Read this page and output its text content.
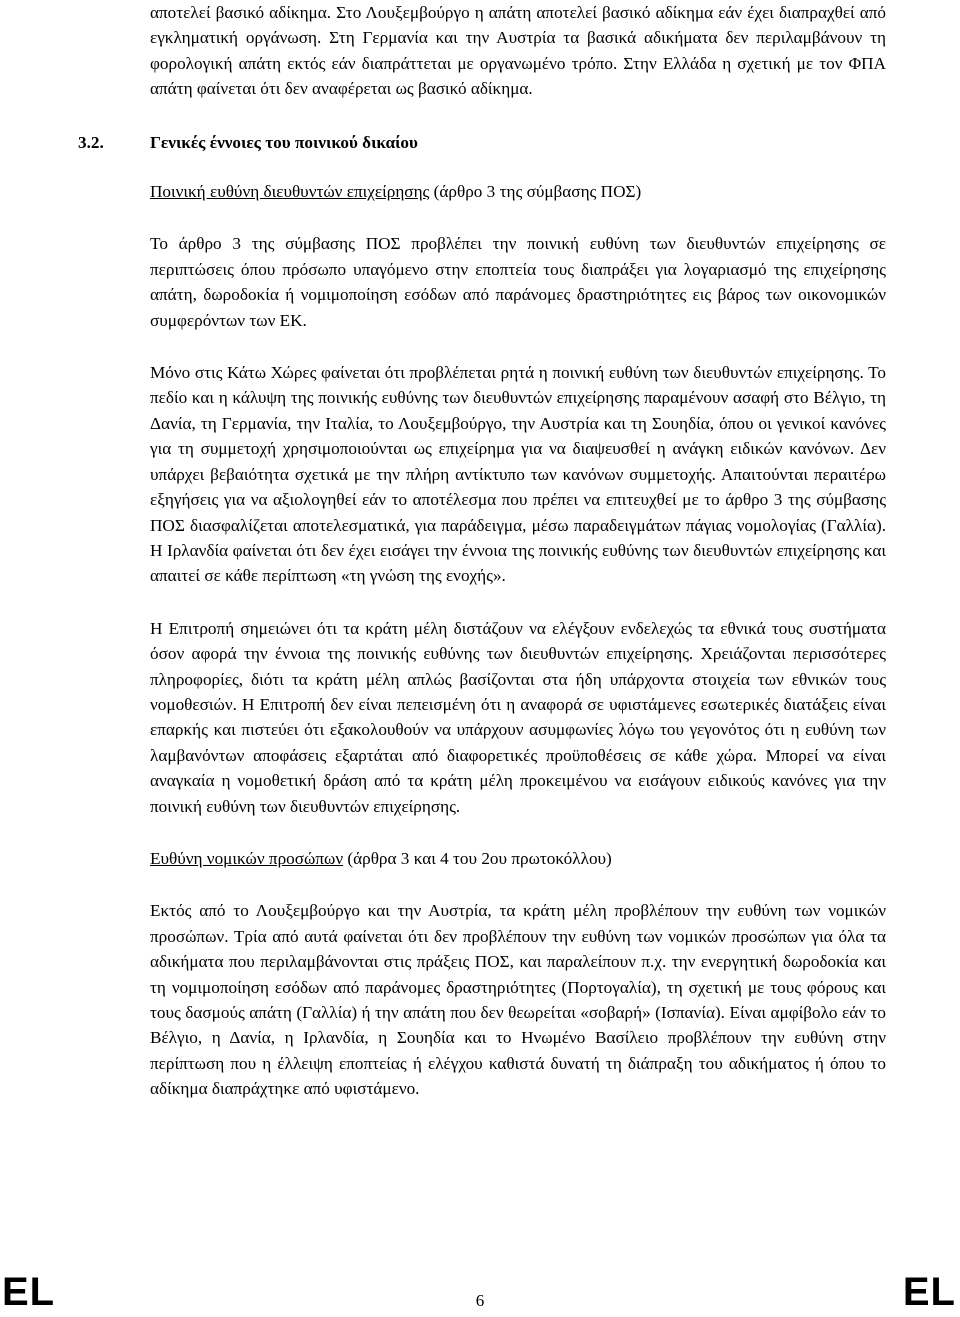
αποτελεί βασικό αδίκημα. Στο Λουξεμβούργο η απάτη αποτελεί βασικό αδίκημα εάν έχει διαπραχθεί από εγκληματική οργάνωση. Στη Γερμανία και την Αυστρία τα βασικά αδικήματα δεν περιλαμβάνουν τη φορολογική απάτη εκτός εάν διαπράττεται με οργανωμένο τρόπο. Στην Ελλάδα η σχετική με τον ΦΠΑ απάτη φαίνεται ότι δεν αναφέρεται ως βασικό αδίκημα.

3.2.	Γενικές έννοιες του ποινικού δικαίου

Ποινική ευθύνη διευθυντών επιχείρησης (άρθρο 3 της σύμβασης ΠΟΣ)

Το άρθρο 3 της σύμβασης ΠΟΣ προβλέπει την ποινική ευθύνη των διευθυντών επιχείρησης σε περιπτώσεις όπου πρόσωπο υπαγόμενο στην εποπτεία τους διαπράξει για λογαριασμό της επιχείρησης απάτη, δωροδοκία ή νομιμοποίηση εσόδων από παράνομες δραστηριότητες εις βάρος των οικονομικών συμφερόντων των ΕΚ.

Μόνο στις Κάτω Χώρες φαίνεται ότι προβλέπεται ρητά η ποινική ευθύνη των διευθυντών επιχείρησης. Το πεδίο και η κάλυψη της ποινικής ευθύνης των διευθυντών επιχείρησης παραμένουν ασαφή στο Βέλγιο, τη Δανία, τη Γερμανία, την Ιταλία, το Λουξεμβούργο, την Αυστρία και τη Σουηδία, όπου οι γενικοί κανόνες για τη συμμετοχή χρησιμοποιούνται ως επιχείρημα για να διαψευσθεί η ανάγκη ειδικών κανόνων. Δεν υπάρχει βεβαιότητα σχετικά με την πλήρη αντίκτυπο των κανόνων συμμετοχής. Απαιτούνται περαιτέρω εξηγήσεις για να αξιολογηθεί εάν το αποτέλεσμα που πρέπει να επιτευχθεί με το άρθρο 3 της σύμβασης ΠΟΣ διασφαλίζεται αποτελεσματικά, για παράδειγμα, μέσω παραδειγμάτων πάγιας νομολογίας (Γαλλία). Η Ιρλανδία φαίνεται ότι δεν έχει εισάγει την έννοια της ποινικής ευθύνης των διευθυντών επιχείρησης και απαιτεί σε κάθε περίπτωση «τη γνώση της ενοχής».

Η Επιτροπή σημειώνει ότι τα κράτη μέλη διστάζουν να ελέγξουν ενδελεχώς τα εθνικά τους συστήματα όσον αφορά την έννοια της ποινικής ευθύνης των διευθυντών επιχείρησης. Χρειάζονται περισσότερες πληροφορίες, διότι τα κράτη μέλη απλώς βασίζονται στα ήδη υπάρχοντα στοιχεία των εθνικών τους νομοθεσιών. Η Επιτροπή δεν είναι πεπεισμένη ότι η αναφορά σε υφιστάμενες εσωτερικές διατάξεις είναι επαρκής και πιστεύει ότι εξακολουθούν να υπάρχουν ασυμφωνίες λόγω του γεγονότος ότι η ευθύνη των λαμβανόντων αποφάσεις εξαρτάται από διαφορετικές προϋποθέσεις σε κάθε χώρα. Μπορεί να είναι αναγκαία η νομοθετική δράση από τα κράτη μέλη προκειμένου να εισάγουν ειδικούς κανόνες για την ποινική ευθύνη των διευθυντών επιχείρησης.

Ευθύνη νομικών προσώπων (άρθρα 3 και 4 του 2ου πρωτοκόλλου)

Εκτός από το Λουξεμβούργο και την Αυστρία, τα κράτη μέλη προβλέπουν την ευθύνη των νομικών προσώπων. Τρία από αυτά φαίνεται ότι δεν προβλέπουν την ευθύνη των νομικών προσώπων για όλα τα αδικήματα που περιλαμβάνονται στις πράξεις ΠΟΣ, και παραλείπουν π.χ. την ενεργητική δωροδοκία και τη νομιμοποίηση εσόδων από παράνομες δραστηριότητες (Πορτογαλία), τη σχετική με τους φόρους και τους δασμούς απάτη (Γαλλία) ή την απάτη που δεν θεωρείται «σοβαρή» (Ισπανία). Είναι αμφίβολο εάν το Βέλγιο, η Δανία, η Ιρλανδία, η Σουηδία και το Ηνωμένο Βασίλειο προβλέπουν την ευθύνη στην περίπτωση που η έλλειψη εποπτείας ή ελέγχου καθιστά δυνατή τη διάπραξη του αδικήματος ή όπου το αδίκημα διαπράχτηκε από υφιστάμενο.

EL	6	EL
